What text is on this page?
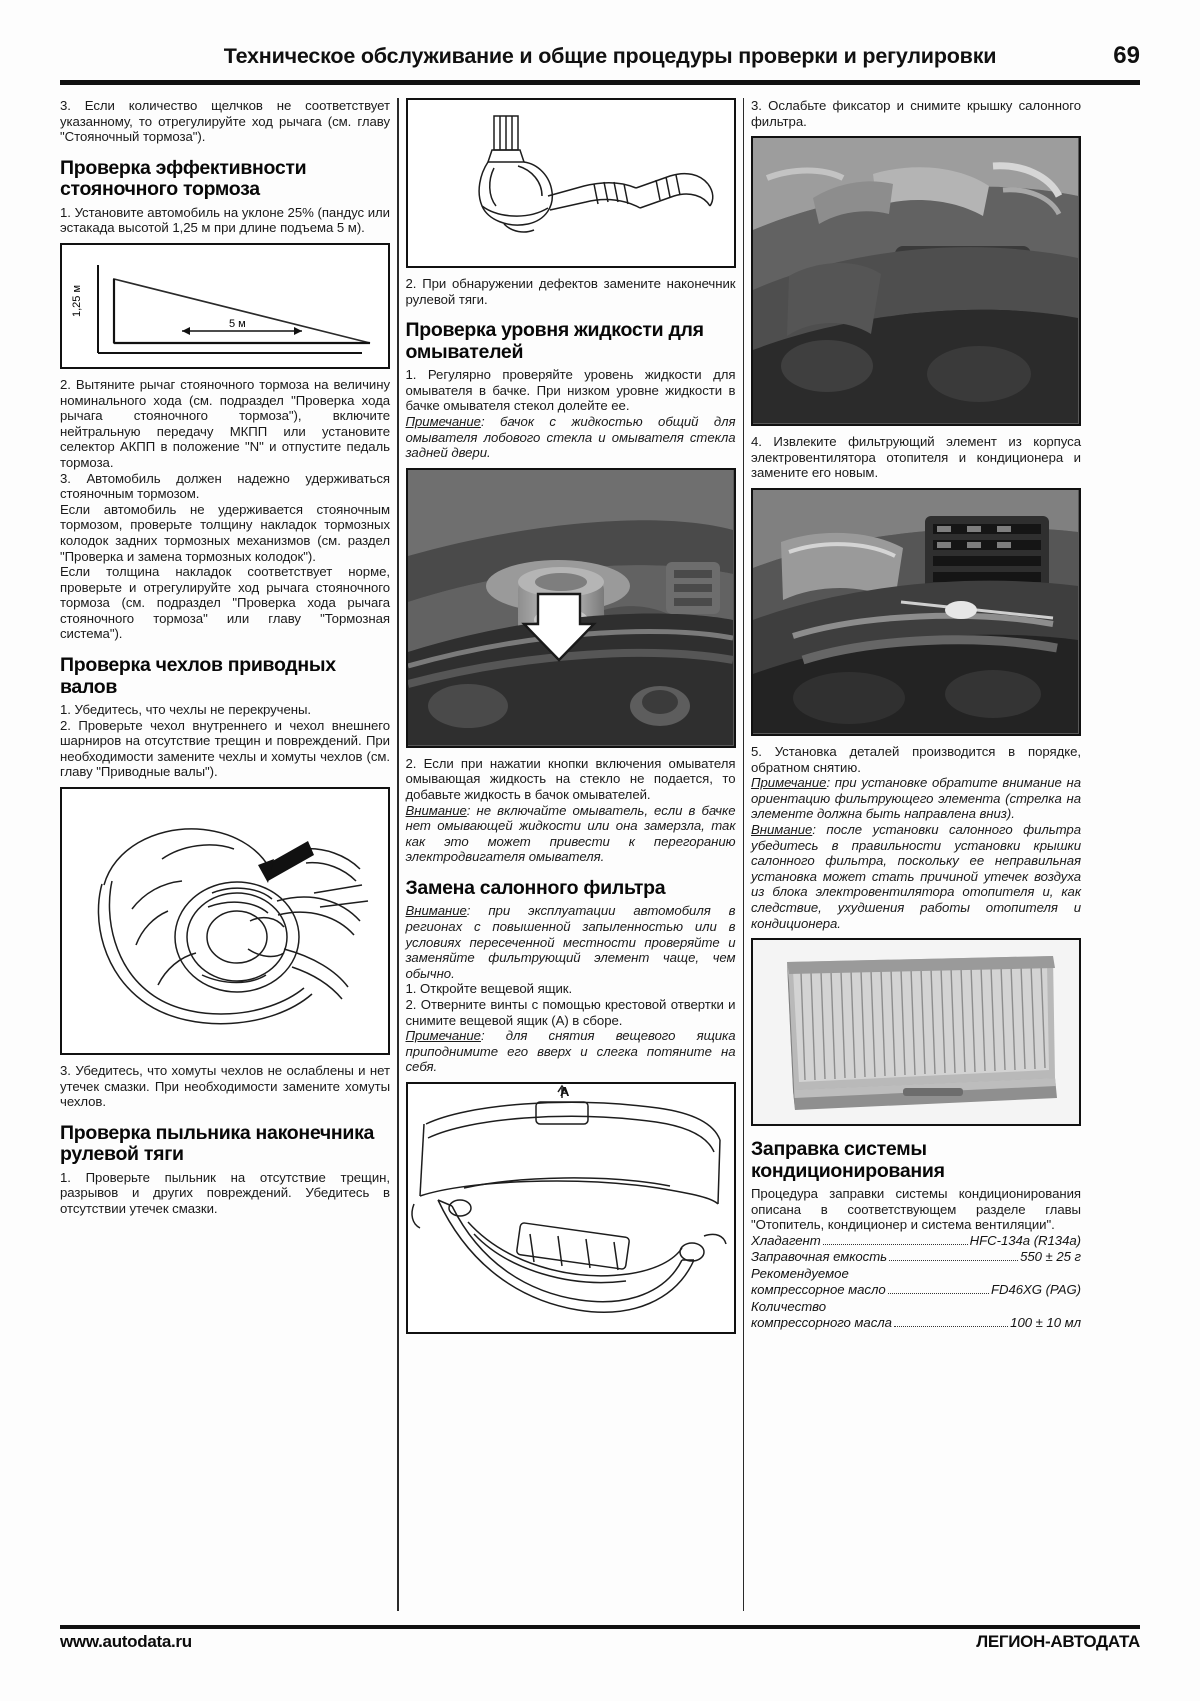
Техническое обслуживание и общие процедуры проверки и регулировки	69

3. Если количество щелчков не соответствует указанному, то отрегулируйте ход рычага (см. главу "Стояночный тормоза").

Проверка эффективности стояночного тормоза

1. Установите автомобиль на уклоне 25% (пандус или эстакада высотой 1,25 м при длине подъема 5 м).

1,25 м
5 м

2. Вытяните рычаг стояночного тормоза на величину номинального хода (см. подраздел "Проверка хода рычага стояночного тормоза"), включите нейтральную передачу МКПП или установите селектор АКПП в положение "N" и отпустите педаль тормоза.

3. Автомобиль должен надежно удерживаться стояночным тормозом.

Если автомобиль не удерживается стояночным тормозом, проверьте толщину накладок тормозных колодок задних тормозных механизмов (см. раздел "Проверка и замена тормозных колодок").

Если толщина накладок соответствует норме, проверьте и отрегулируйте ход рычага стояночного тормоза (см. подраздел "Проверка хода рычага стояночного тормоза" или главу "Тормозная система").

Проверка чехлов приводных валов

1. Убедитесь, что чехлы не перекручены.

2. Проверьте чехол внутреннего и чехол внешнего шарниров на отсутствие трещин и повреждений. При необходимости замените чехлы и хомуты чехлов (см. главу "Приводные валы").

3. Убедитесь, что хомуты чехлов не ослаблены и нет утечек смазки. При необходимости замените хомуты чехлов.

Проверка пыльника наконечника рулевой тяги

1. Проверьте пыльник на отсутствие трещин, разрывов и других повреждений. Убедитесь в отсутствии утечек смазки.

2. При обнаружении дефектов замените наконечник рулевой тяги.

Проверка уровня жидкости для омывателей

1. Регулярно проверяйте уровень жидкости для омывателя в бачке. При низком уровне жидкости в бачке омывателя стекол долейте ее.

Примечание: бачок с жидкостью общий для омывателя лобового стекла и омывателя стекла задней двери.

2. Если при нажатии кнопки включения омывателя омывающая жидкость на стекло не подается, то добавьте жидкость в бачок омывателей.

Внимание: не включайте омыватель, если в бачке нет омывающей жидкости или она замерзла, так как это может привести к перегоранию электродвигателя омывателя.

Замена салонного фильтра

Внимание: при эксплуатации автомобиля в регионах с повышенной запыленностью или в условиях пересеченной местности проверяйте и заменяйте фильтрующий элемент чаще, чем обычно.

1. Откройте вещевой ящик.

2. Отверните винты с помощью крестовой отвертки и снимите вещевой ящик (А) в сборе.

Примечание: для снятия вещевого ящика приподнимите его вверх и слегка потяните на себя.

A

3. Ослабьте фиксатор и снимите крышку салонного фильтра.

4. Извлеките фильтрующий элемент из корпуса электровентилятора отопителя и кондиционера и замените его новым.

5. Установка деталей производится в порядке, обратном снятию.

Примечание: при установке обратите внимание на ориентацию фильтрующего элемента (стрелка на элементе должна быть направлена вниз).

Внимание: после установки салонного фильтра убедитесь в правильности установки крышки салонного фильтра, поскольку ее неправильная установка может стать причиной утечек воздуха из блока электровентилятора отопителя и, как следствие, ухудшения работы отопителя и кондиционера.

Заправка системы кондиционирования

Процедура заправки системы кондиционирования описана в соответствующем разделе главы "Отопитель, кондиционер и система вентиляции".

Хладагент	HFC-134a (R134a)
Заправочная емкость	550 ± 25 г
Рекомендуемое
компрессорное масло	FD46XG (PAG)
Количество
компрессорного масла	100 ± 10 мл
www.autodata.ru	ЛЕГИОН-АВТОДАТА
